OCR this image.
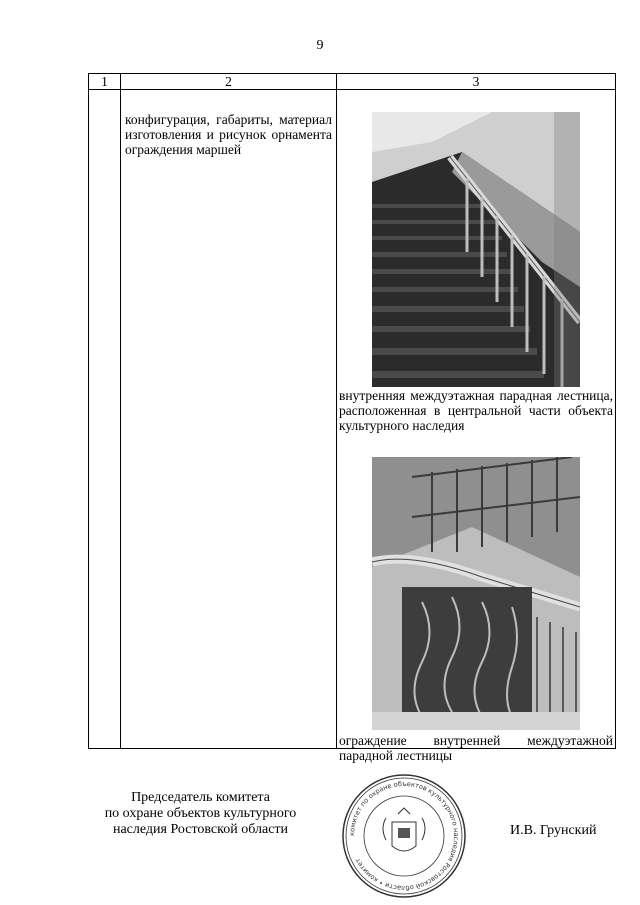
9
1	2	3

	конфигурация, габариты, материал изготовления и рисунок орнамента ограждения маршей	внутренняя междуэтажная парадная лестница, расположенная в центральной части объекта культурного наследия
ограждение внутренней междуэтажной парадной лестницы
Председатель комитета
по охране объектов культурного
наследия Ростовской области	комитет по охране объектов культурного наследия Ростовской области • комитет
И.В. Грунский
